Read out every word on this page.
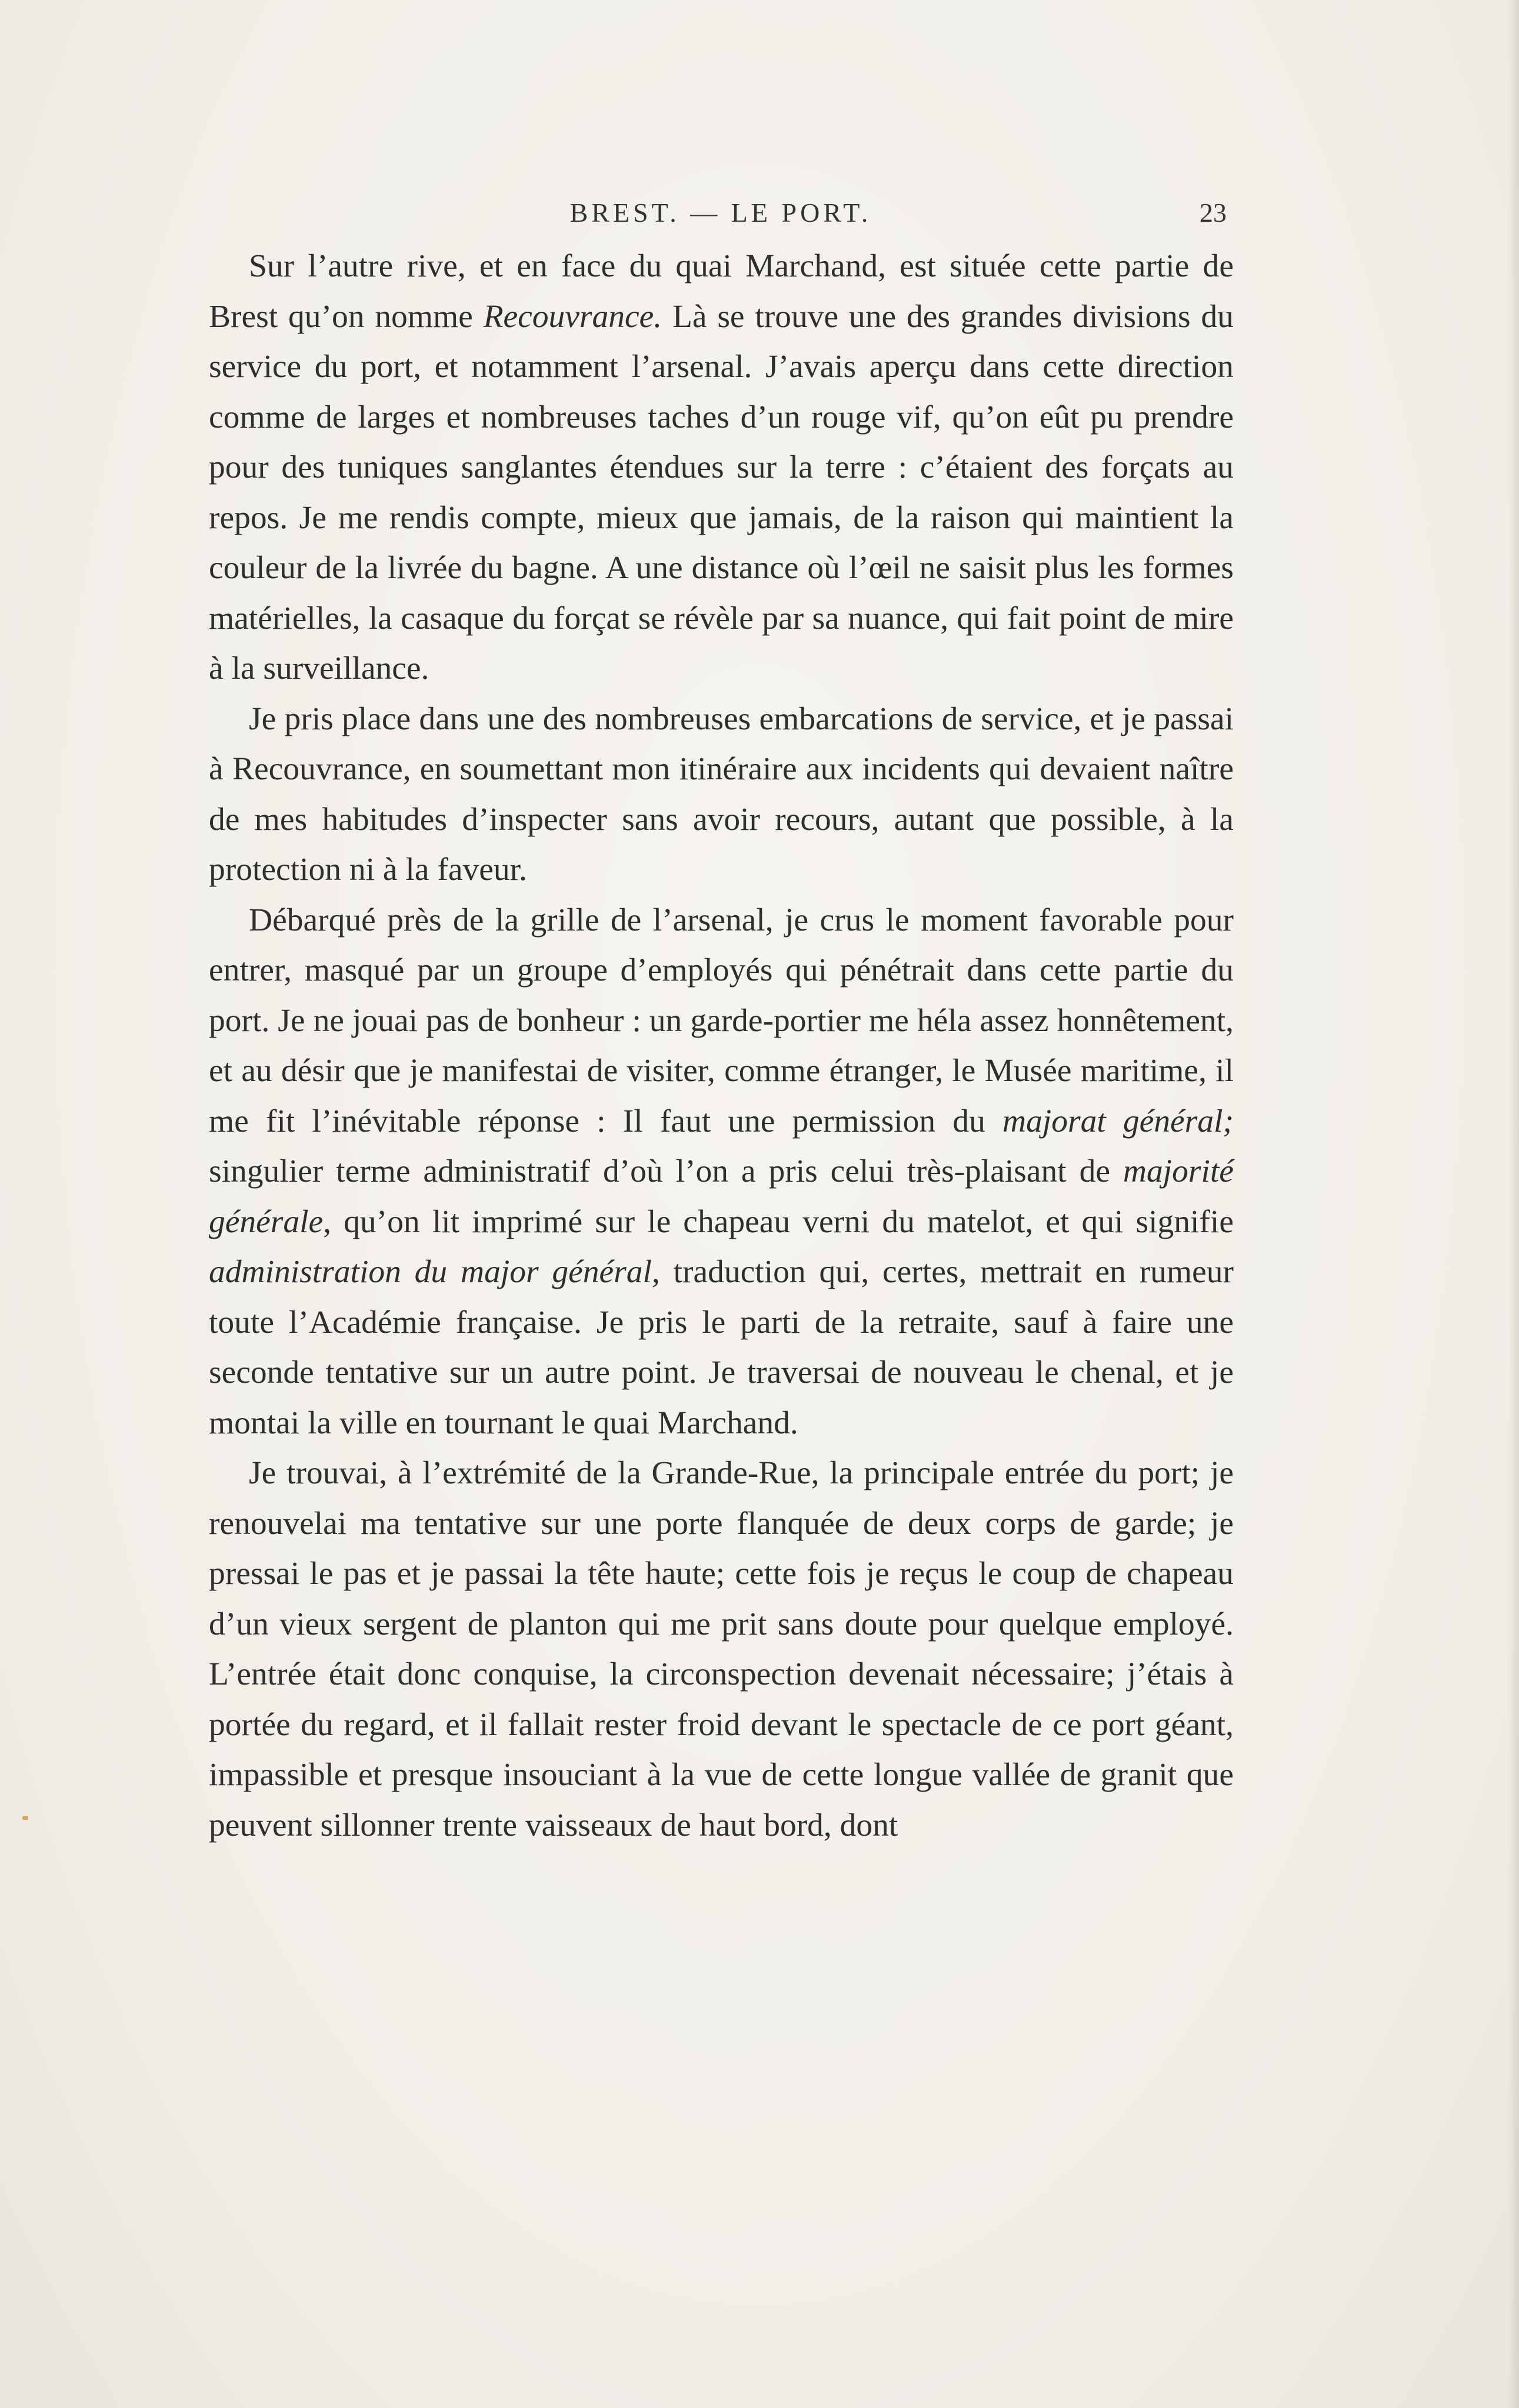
BREST. — LE PORT.	23

Sur l’autre rive, et en face du quai Marchand, est située cette partie de Brest qu’on nomme Recouvrance. Là se trouve une des grandes divisions du service du port, et notamment l’arsenal. J’avais aperçu dans cette direction comme de larges et nombreuses taches d’un rouge vif, qu’on eût pu prendre pour des tuniques sanglantes étendues sur la terre : c’étaient des forçats au repos. Je me rendis compte, mieux que jamais, de la raison qui maintient la couleur de la livrée du bagne. A une distance où l’œil ne saisit plus les formes matérielles, la casaque du forçat se révèle par sa nuance, qui fait point de mire à la surveillance.

Je pris place dans une des nombreuses embarcations de service, et je passai à Recouvrance, en soumettant mon itinéraire aux incidents qui devaient naître de mes habitudes d’inspecter sans avoir recours, autant que possible, à la protection ni à la faveur.

Débarqué près de la grille de l’arsenal, je crus le moment favorable pour entrer, masqué par un groupe d’employés qui pénétrait dans cette partie du port. Je ne jouai pas de bonheur : un garde-portier me héla assez honnêtement, et au désir que je manifestai de visiter, comme étranger, le Musée maritime, il me fit l’inévitable réponse : Il faut une permission du majorat général; singulier terme administratif d’où l’on a pris celui très-plaisant de majorité générale, qu’on lit imprimé sur le chapeau verni du matelot, et qui signifie administration du major général, traduction qui, certes, mettrait en rumeur toute l’Académie française. Je pris le parti de la retraite, sauf à faire une seconde tentative sur un autre point. Je traversai de nouveau le chenal, et je montai la ville en tournant le quai Marchand.

Je trouvai, à l’extrémité de la Grande-Rue, la principale entrée du port; je renouvelai ma tentative sur une porte flanquée de deux corps de garde; je pressai le pas et je passai la tête haute; cette fois je reçus le coup de chapeau d’un vieux sergent de planton qui me prit sans doute pour quelque employé. L’entrée était donc conquise, la circonspection devenait nécessaire; j’étais à portée du regard, et il fallait rester froid devant le spectacle de ce port géant, impassible et presque insouciant à la vue de cette longue vallée de granit que peuvent sillonner trente vaisseaux de haut bord, dont
